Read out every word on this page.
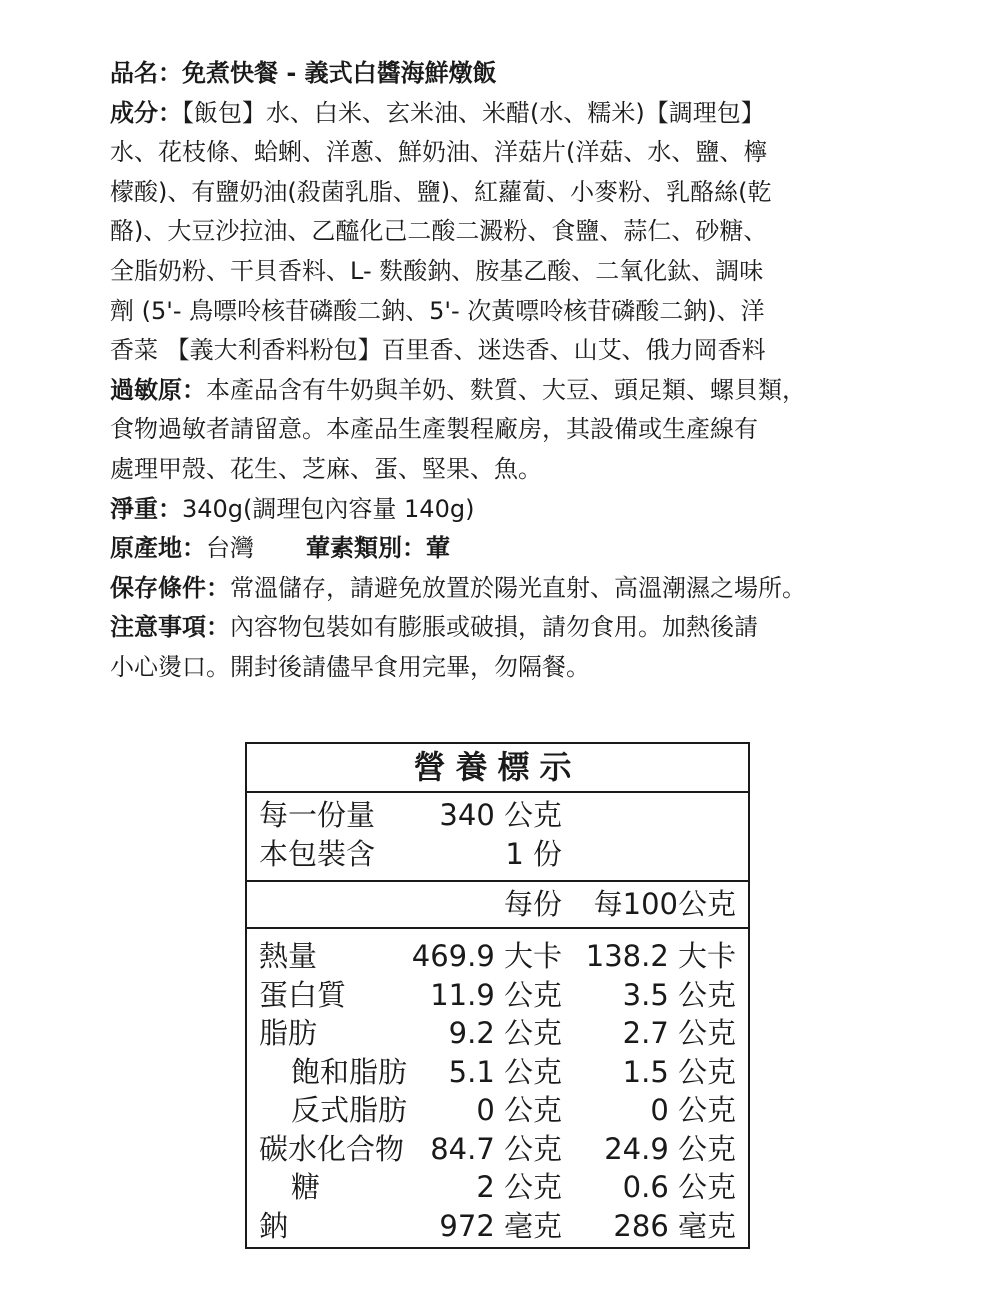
品名：免煮快餐 - 義式白醬海鮮燉飯
成分：【飯包】水、白米、玄米油、米醋(水、糯米)【調理包】
水、花枝條、蛤蜊、洋蔥、鮮奶油、洋菇片(洋菇、水、鹽、檸
檬酸)、有鹽奶油(殺菌乳脂、鹽)、紅蘿蔔、小麥粉、乳酪絲(乾
酪)、大豆沙拉油、乙醯化己二酸二澱粉、食鹽、蒜仁、砂糖、
全脂奶粉、干貝香料、L- 麩酸鈉、胺基乙酸、二氧化鈦、調味
劑 (5'- 鳥嘌呤核苷磷酸二鈉、5'- 次黃嘌呤核苷磷酸二鈉)、洋
香菜 【義大利香料粉包】百里香、迷迭香、山艾、俄力岡香料
過敏原：本產品含有牛奶與羊奶、麩質、大豆、頭足類、螺貝類，
食物過敏者請留意。本產品生產製程廠房，其設備或生產線有
處理甲殼、花生、芝麻、蛋、堅果、魚。
淨重：340g(調理包內容量 140g)
原產地：台灣 葷素類別：葷
保存條件：常溫儲存，請避免放置於陽光直射、高溫潮濕之場所。
注意事項：內容物包裝如有膨脹或破損，請勿食用。加熱後請
小心燙口。開封後請儘早食用完畢，勿隔餐。
營養標示
每一份量 340 公克
本包裝含	1 份
每份 每100公克
熱量	469.9 大卡 138.2 大卡
蛋白質	11.9 公克 3.5 公克
脂肪	9.2 公克 2.7 公克
飽和脂肪 5.1 公克 1.5 公克
反式脂肪 0 公克	0 公克
碳水化合物 84.7 公克 24.9 公克
糖	2 公克 0.6 公克
鈉	972 毫克 286 毫克
